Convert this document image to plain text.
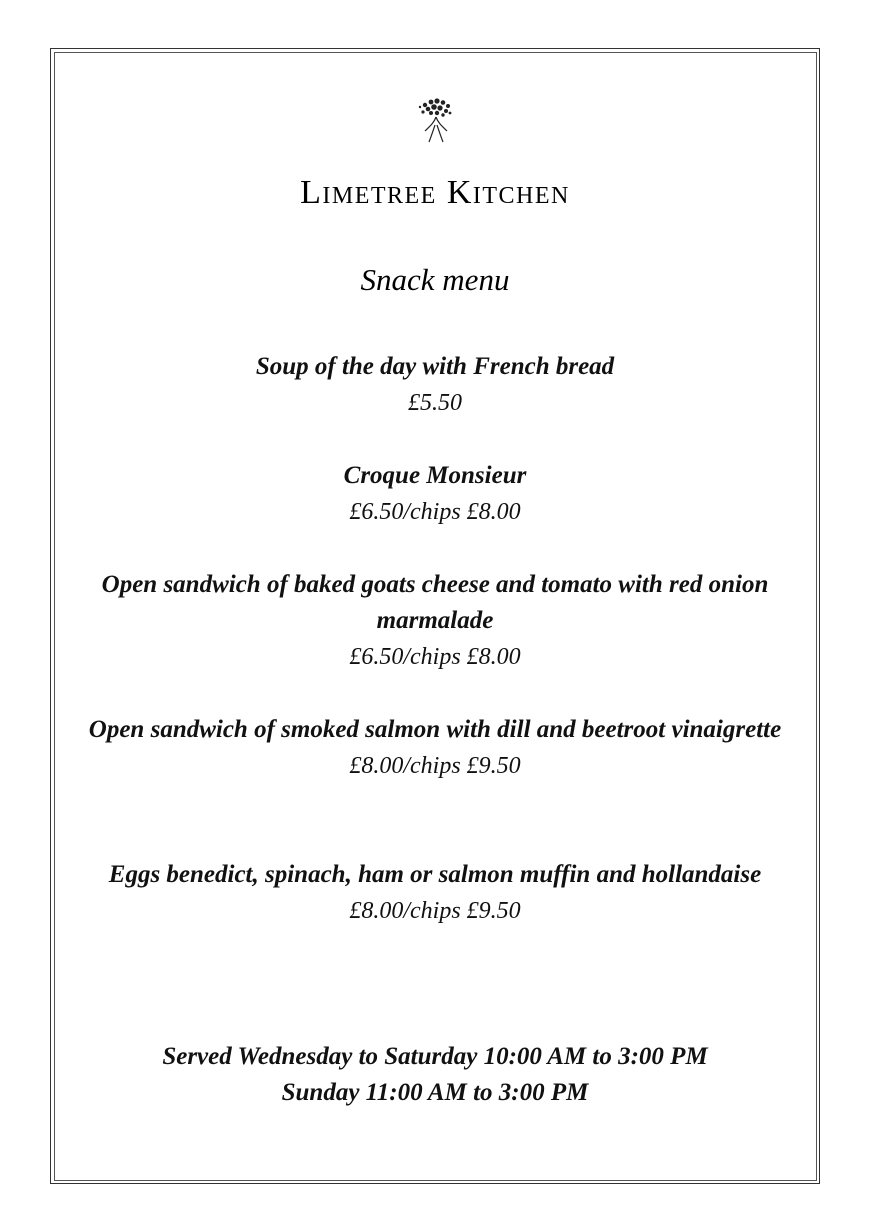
Limetree Kitchen
Snack menu

Soup of the day with French bread

£5.50

Croque Monsieur

£6.50/chips £8.00

Open sandwich of baked goats cheese and tomato with red onion marmalade

£6.50/chips £8.00

Open sandwich of smoked salmon with dill and beetroot vinaigrette

£8.00/chips £9.50

Eggs benedict, spinach, ham or salmon muffin and hollandaise

£8.00/chips £9.50

Served Wednesday to Saturday 10:00 AM to 3:00 PM
Sunday 11:00 AM to 3:00 PM
